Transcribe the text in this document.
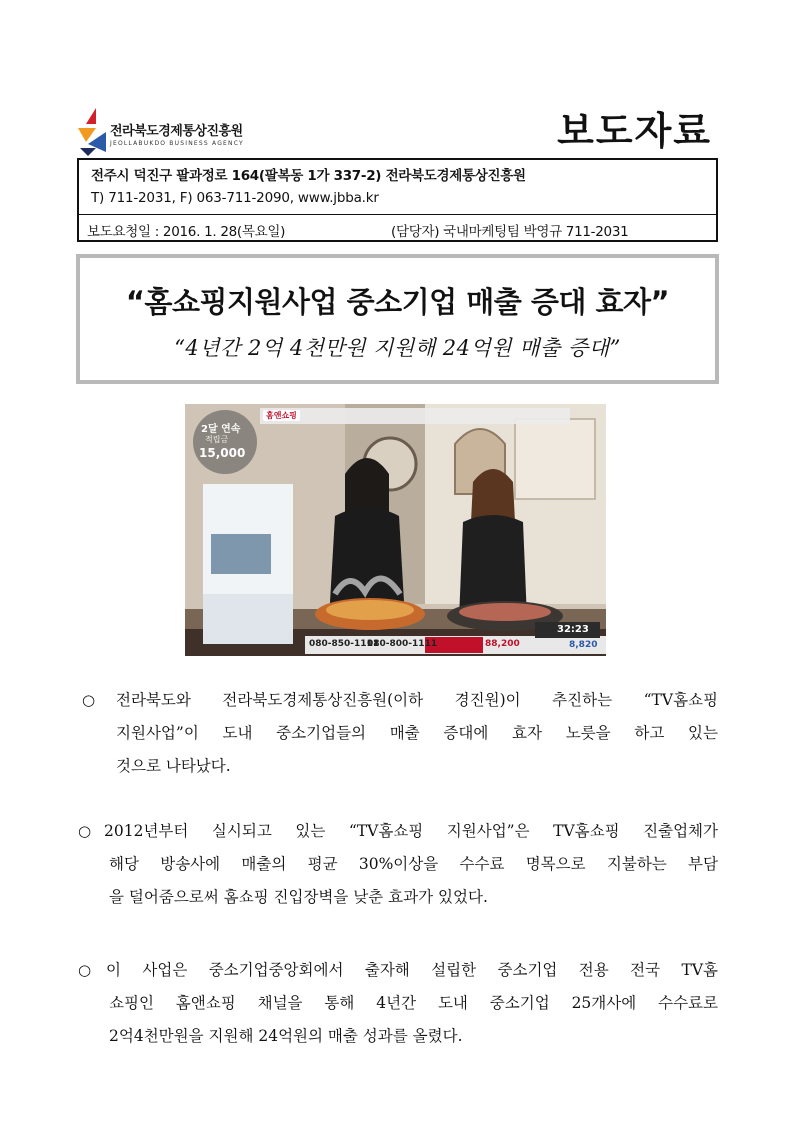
전라북도경제통상진흥원
JEOLLABUKDO BUSINESS AGENCY	보도자료
전주시 덕진구 팔과정로 164(팔복동 1가 337-2) 전라북도경제통상진흥원
T) 711-2031, F) 063-711-2090, www.jbba.kr
보도요청일 : 2016. 1. 28(목요일)	(담당자) 국내마케팅팀 박영규 711-2031
“홈쇼핑지원사업 중소기업 매출 증대 효자”
“4년간 2억 4천만원 지원해 24억원 매출 증대”
홈앤쇼핑
2달 연속
적립금
15,000
080-850-1111
080-800-1111	88,200
32:23
8,820
○ 전라북도와 전라북도경제통상진흥원(이하 경진원)이 추진하는 “TV홈쇼핑
지원사업”이 도내 중소기업들의 매출 증대에 효자 노릇을 하고 있는
것으로 나타났다.
○ 2012년부터 실시되고 있는 “TV홈쇼핑 지원사업”은 TV홈쇼핑 진출업체가
해당 방송사에 매출의 평균 30%이상을 수수료 명목으로 지불하는 부담
을 덜어줌으로써 홈쇼핑 진입장벽을 낮춘 효과가 있었다.
○ 이 사업은 중소기업중앙회에서 출자해 설립한 중소기업 전용 전국 TV홈
쇼핑인 홈앤쇼핑 채널을 통해 4년간 도내 중소기업 25개사에 수수료로
2억4천만원을 지원해 24억원의 매출 성과를 올렸다.
